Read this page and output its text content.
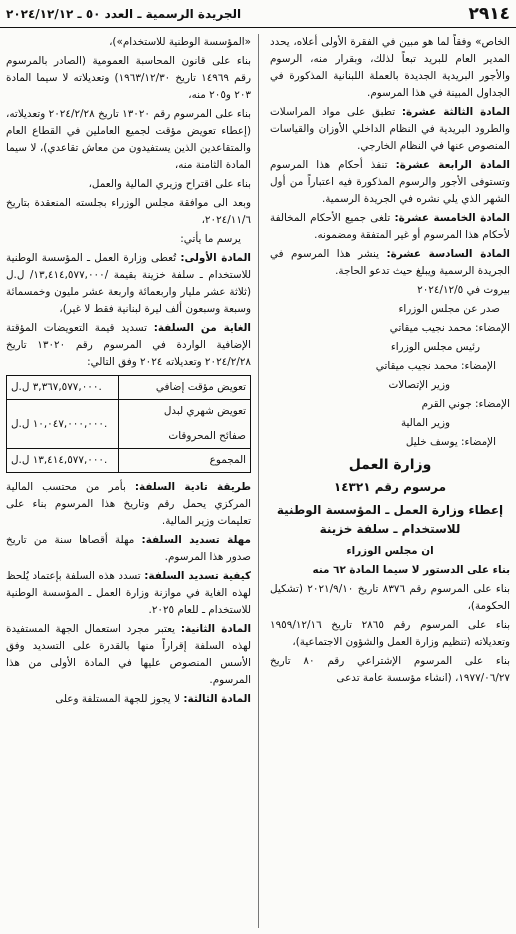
٢٩١٤
الجريدة الرسمية ـ العدد ٥٠ ـ ٢٠٢٤/١٢/١٢

الخاص» وفقاً لما هو مبين في الفقرة الأولى أعلاه، يحدد المدير العام للبريد تبعاً لذلك، وبقرار منه، الرسوم والأجور البريدية الجديدة بالعملة اللبنانية المذكورة في الجداول المبينة في هذا المرسوم.

المادة الثالثة عشرة: تطبق على مواد المراسلات والطرود البريدية في النظام الداخلي الأوزان والقياسات المنصوص عنها في النظام الخارجي.

المادة الرابعة عشرة: تنفذ أحكام هذا المرسوم وتستوفى الأجور والرسوم المذكورة فيه اعتباراً من أول الشهر الذي يلي نشره في الجريدة الرسمية.

المادة الخامسة عشرة: تلغى جميع الأحكام المخالفة لأحكام هذا المرسوم أو غير المتفقة ومضمونه.

المادة السادسة عشرة: ينشر هذا المرسوم في الجريدة الرسمية ويبلغ حيث تدعو الحاجة.

بيروت في ٢٠٢٤/١٢/٥

صدر عن مجلس الوزراء

الإمضاء: محمد نجيب ميقاتي

رئيس مجلس الوزراء

الإمضاء: محمد نجيب ميقاتي

وزير الإتصالات

الإمضاء: جوني القرم

وزير المالية

الإمضاء: يوسف خليل

وزارة العمل
مرسوم رقم ١٤٣٢١
إعطاء وزارة العمل ـ المؤسسة الوطنية للاستخدام ـ سلفة خزينة

ان مجلس الوزراء

بناء على الدستور لا سيما المادة ٦٢ منه

بناء على المرسوم رقم ٨٣٧٦ تاريخ ٢٠٢١/٩/١٠ (تشكيل الحكومة)،

بناء على المرسوم رقم ٢٨٦٥ تاريخ ١٩٥٩/١٢/١٦ وتعديلاته (تنظيم وزارة العمل والشؤون الاجتماعية)،

بناء على المرسوم الإشتراعي رقم ٨٠ تاريخ ١٩٧٧/٠٦/٢٧، (انشاء مؤسسة عامة تدعى

«المؤسسة الوطنية للاستخدام»)،

بناء على قانون المحاسبة العمومية (الصادر بالمرسوم رقم ١٤٩٦٩ تاريخ ١٩٦٣/١٢/٣٠) وتعديلاته لا سيما المادة ٢٠٣ و٢٠٥ منه،

بناء على المرسوم رقم ١٣٠٢٠ تاريخ ٢٠٢٤/٢/٢٨ وتعديلاته، (إعطاء تعويض مؤقت لجميع العاملين في القطاع العام والمتقاعدين الذين يستفيدون من معاش تقاعدي)، لا سيما المادة الثامنة منه،

بناء على اقتراح وزيري المالية والعمل،

وبعد الى موافقة مجلس الوزراء بجلسته المنعقدة بتاريخ ٢٠٢٤/١١/٦،

يرسم ما يأتي:

المادة الأولى: تُعطى وزارة العمل ـ المؤسسة الوطنية للاستخدام ـ سلفة خزينة بقيمة /١٣,٤١٤,٥٧٧,٠٠٠/ ل.ل (ثلاثة عشر مليار واربعمائة واربعة عشر مليون وخمسمائة وسبعة وسبعون ألف ليرة لبنانية فقط لا غير)،

الغاية من السلفة: تسديد قيمة التعويضات المؤقتة الإضافية الواردة في المرسوم رقم ١٣٠٢٠ تاريخ ٢٠٢٤/٢/٢٨ وتعديلاته ٢٠٢٤ وفق التالي:

تعويض مؤقت إضافي	٣,٣٦٧,٥٧٧,٠٠٠ ل.ل.

تعويض شهري لبدل
صفائح المحروقات	١٠,٠٤٧,٠٠٠,٠٠٠ ل.ل.
المجموع	١٣,٤١٤,٥٧٧,٠٠٠ ل.ل.

طريقة تادية السلفة: بأمر من محتسب المالية المركزي يحمل رقم وتاريخ هذا المرسوم بناء على تعليمات وزير المالية.

مهلة تسديد السلفة: مهلة أقصاها سنة من تاريخ صدور هذا المرسوم.

كيفية تسديد السلفة: تسدد هذه السلفة بإعتماد يُلحظ لهذه الغاية في موازنة وزارة العمل ـ المؤسسة الوطنية للاستخدام ـ للعام ٢٠٢٥.

المادة الثانية: يعتبر مجرد استعمال الجهة المستفيدة لهذه السلفة إقراراً منها بالقدرة على التسديد وفق الأسس المنصوص عليها في المادة الأولى من هذا المرسوم.

المادة الثالثة: لا يجوز للجهة المستلفة وعلى
